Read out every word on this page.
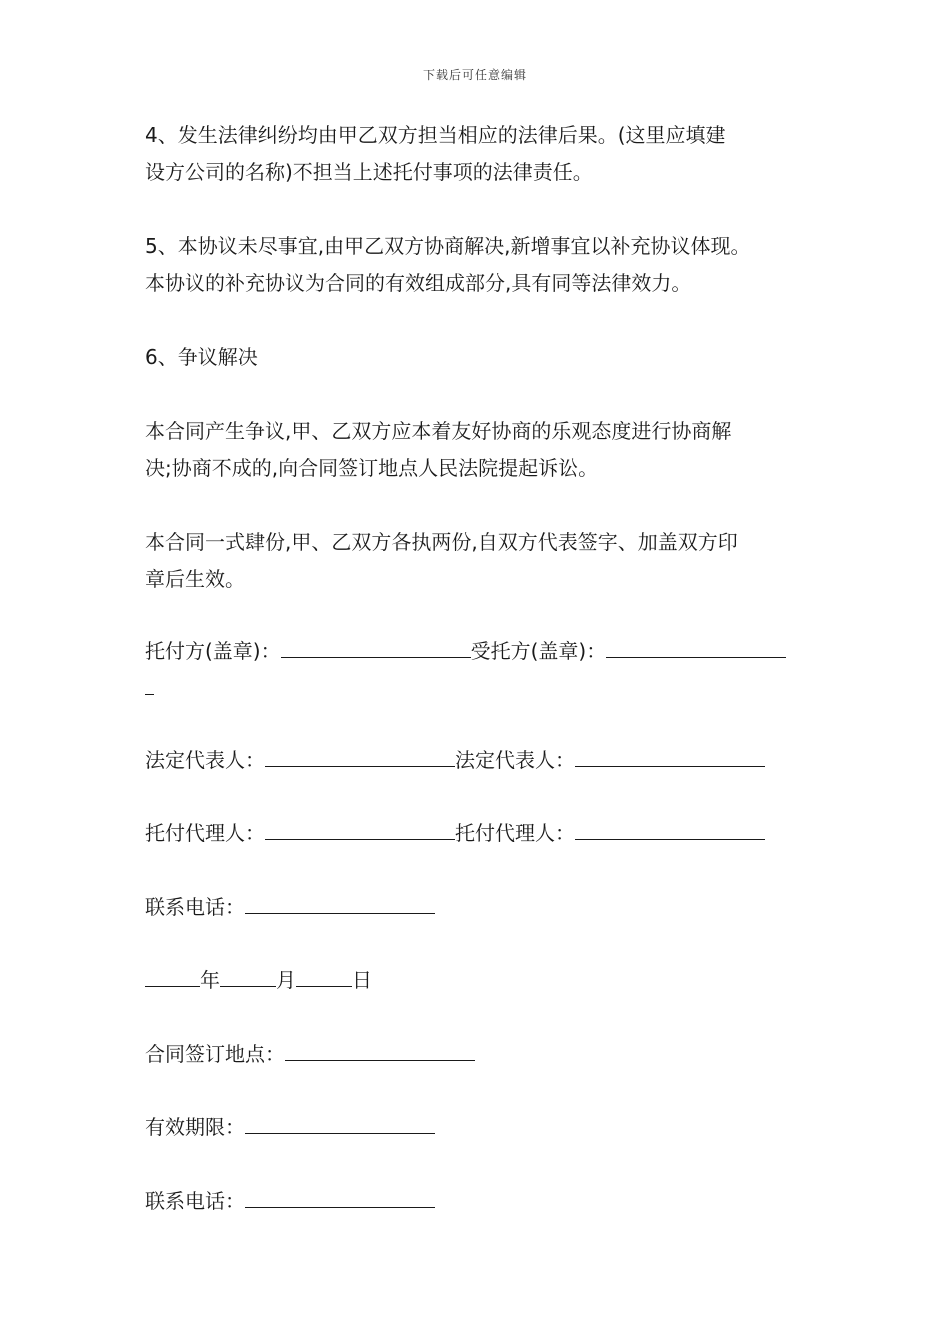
下载后可任意编辑
4、发生法律纠纷均由甲乙双方担当相应的法律后果。(这里应填建
设方公司的名称)不担当上述托付事项的法律责任。
5、本协议未尽事宜,由甲乙双方协商解决,新增事宜以补充协议体现。
本协议的补充协议为合同的有效组成部分,具有同等法律效力。
6、争议解决
本合同产生争议,甲、乙双方应本着友好协商的乐观态度进行协商解
决;协商不成的,向合同签订地点人民法院提起诉讼。
本合同一式肆份,甲、乙双方各执两份,自双方代表签字、加盖双方印
章后生效。
托付方(盖章)：	受托方(盖章)：
法定代表人：	法定代表人：
托付代理人：	托付代理人：
联系电话：
年	月	日
合同签订地点：
有效期限：
联系电话：
